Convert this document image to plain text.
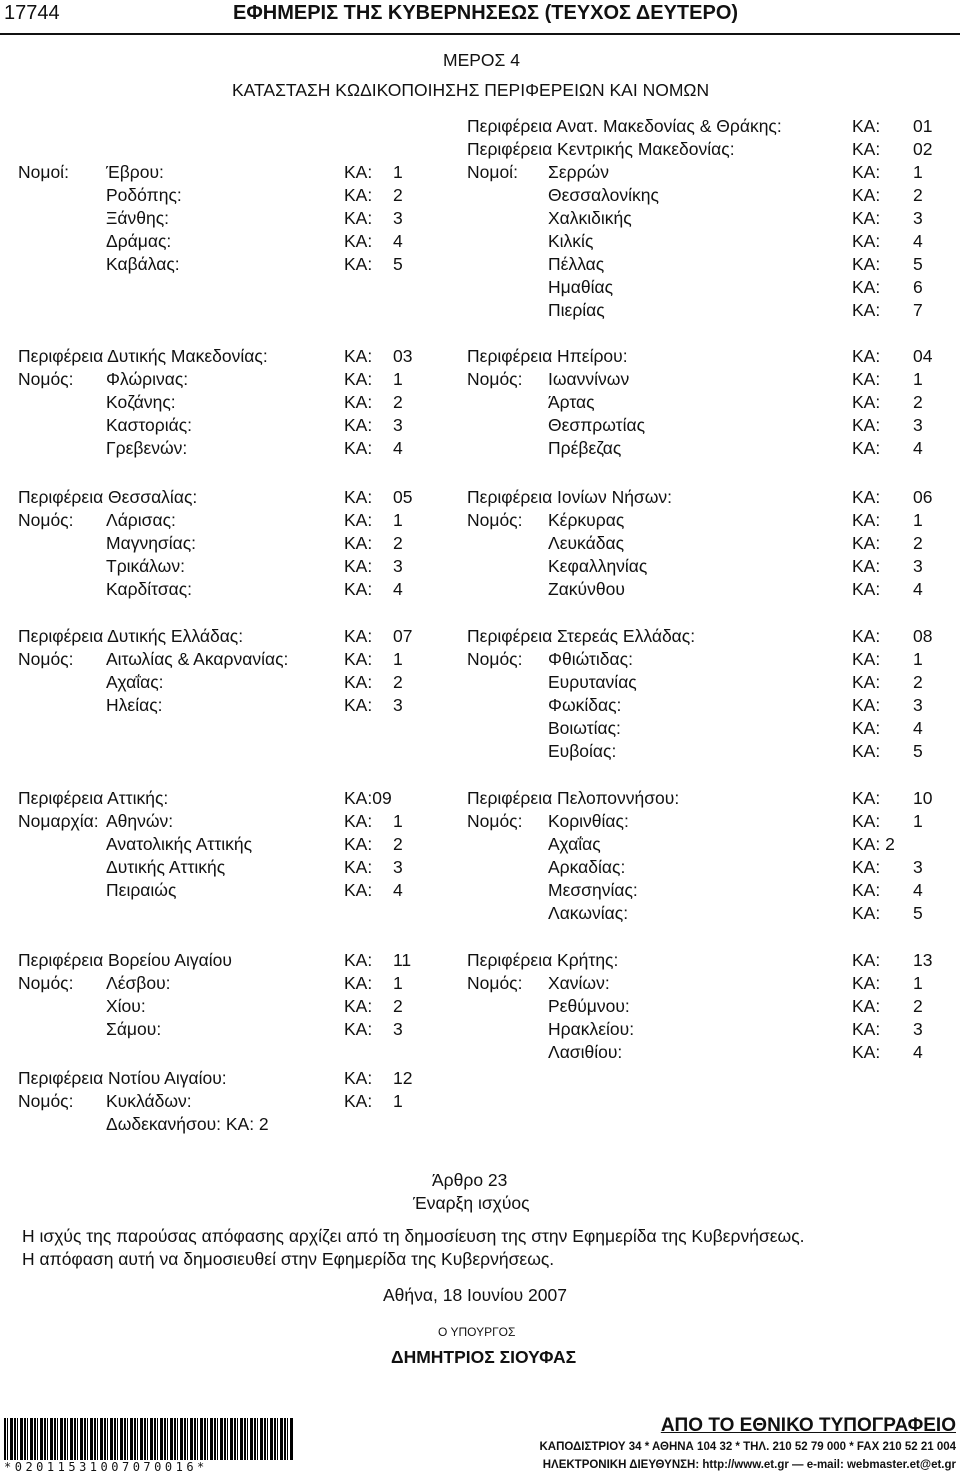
17744	ΕΦΗΜΕΡΙΣ ΤΗΣ ΚΥΒΕΡΝΗΣΕΩΣ (ΤΕΥΧΟΣ ΔΕΥΤΕΡΟ)
ΜΕΡΟΣ 4
ΚΑΤΑΣΤΑΣΗ ΚΩΔΙΚΟΠΟΙΗΣΗΣ ΠΕΡΙΦΕΡΕΙΩΝ ΚΑΙ ΝΟΜΩΝ
Νομοί: Έβρου:	ΚΑ: 1
Ροδόπης:	ΚΑ: 2
Ξάνθης:	ΚΑ: 3
Δράμας:	ΚΑ: 4
Καβάλας:	ΚΑ: 5
Περιφέρεια Δυτικής Μακεδονίας:	ΚΑ: 03
Νομός: Φλώρινας:	ΚΑ: 1
Κοζάνης:	ΚΑ: 2
Καστοριάς:	ΚΑ: 3
Γρεβενών:	ΚΑ: 4
Περιφέρεια Θεσσαλίας:	ΚΑ: 05
Νομός: Λάρισας:	ΚΑ: 1
Μαγνησίας:	ΚΑ: 2
Τρικάλων:	ΚΑ: 3
Καρδίτσας:	ΚΑ: 4
Περιφέρεια Δυτικής Ελλάδας:	ΚΑ: 07
Νομός: Αιτωλίας & Ακαρνανίας:	ΚΑ: 1
Αχαΐας:	ΚΑ: 2
Ηλείας:	ΚΑ: 3
Περιφέρεια Αττικής:	ΚΑ:09
Νομαρχία: Αθηνών:	ΚΑ: 1
Ανατολικής Αττικής	ΚΑ: 2
Δυτικής Αττικής	ΚΑ: 3
Πειραιώς	ΚΑ: 4
Περιφέρεια Βορείου Αιγαίου	ΚΑ: 11
Νομός: Λέσβου:	ΚΑ: 1
Χίου:	ΚΑ: 2
Σάμου:	ΚΑ: 3
Περιφέρεια Νοτίου Αιγαίου:	ΚΑ: 12
Νομός: Κυκλάδων:	ΚΑ: 1
Δωδεκανήσου: ΚΑ: 2
Περιφέρεια Ανατ. Μακεδονίας & Θράκης:	ΚΑ: 01
Περιφέρεια Κεντρικής Μακεδονίας:	ΚΑ: 02
Νομοί: Σερρών	ΚΑ: 1
Θεσσαλονίκης	ΚΑ: 2
Χαλκιδικής	ΚΑ: 3
Κιλκίς	ΚΑ: 4
Πέλλας	ΚΑ: 5
Ημαθίας	ΚΑ: 6
Πιερίας	ΚΑ: 7
Περιφέρεια Ηπείρου:	ΚΑ: 04
Νομός: Ιωαννίνων	ΚΑ: 1
Άρτας	ΚΑ: 2
Θεσπρωτίας	ΚΑ: 3
Πρέβεζας	ΚΑ: 4
Περιφέρεια Ιονίων Νήσων:	ΚΑ: 06
Νομός: Κέρκυρας	ΚΑ: 1
Λευκάδας	ΚΑ: 2
Κεφαλληνίας	ΚΑ: 3
Ζακύνθου	ΚΑ: 4
Περιφέρεια Στερεάς Ελλάδας:	ΚΑ: 08
Νομός: Φθιώτιδας:	ΚΑ: 1
Ευρυτανίας	ΚΑ: 2
Φωκίδας:	ΚΑ: 3
Βοιωτίας:	ΚΑ: 4
Ευβοίας:	ΚΑ: 5
Περιφέρεια Πελοποννήσου:	ΚΑ: 10
Νομός: Κορινθίας:	ΚΑ: 1
Αχαΐας	ΚΑ: 2
Αρκαδίας:	ΚΑ: 3
Μεσσηνίας:	ΚΑ: 4
Λακωνίας:	ΚΑ: 5
Περιφέρεια Κρήτης:	ΚΑ: 13
Νομός: Χανίων:	ΚΑ: 1
Ρεθύμνου:	ΚΑ: 2
Ηρακλείου:	ΚΑ: 3
Λασιθίου:	ΚΑ: 4
Άρθρο 23
Έναρξη ισχύος
Η ισχύς της παρούσας απόφασης αρχίζει από τη δημοσίευση της στην Εφημερίδα της Κυβερνήσεως.
Η απόφαση αυτή να δημοσιευθεί στην Εφημερίδα της Κυβερνήσεως.
Αθήνα, 18 Ιουνίου 2007
Ο ΥΠΟΥΡΓΟΣ
ΔΗΜΗΤΡΙΟΣ ΣΙΟΥΦΑΣ
*02011531007070016*
ΑΠΟ ΤΟ ΕΘΝΙΚΟ ΤΥΠΟΓΡΑΦΕΙΟ
ΚΑΠΟΔΙΣΤΡΙΟΥ 34 * ΑΘΗΝΑ 104 32 * ΤΗΛ. 210 52 79 000 * FAX 210 52 21 004
ΗΛΕΚΤΡΟΝΙΚΗ ΔΙΕΥΘΥΝΣΗ: http://www.et.gr — e-mail: webmaster.et@et.gr
